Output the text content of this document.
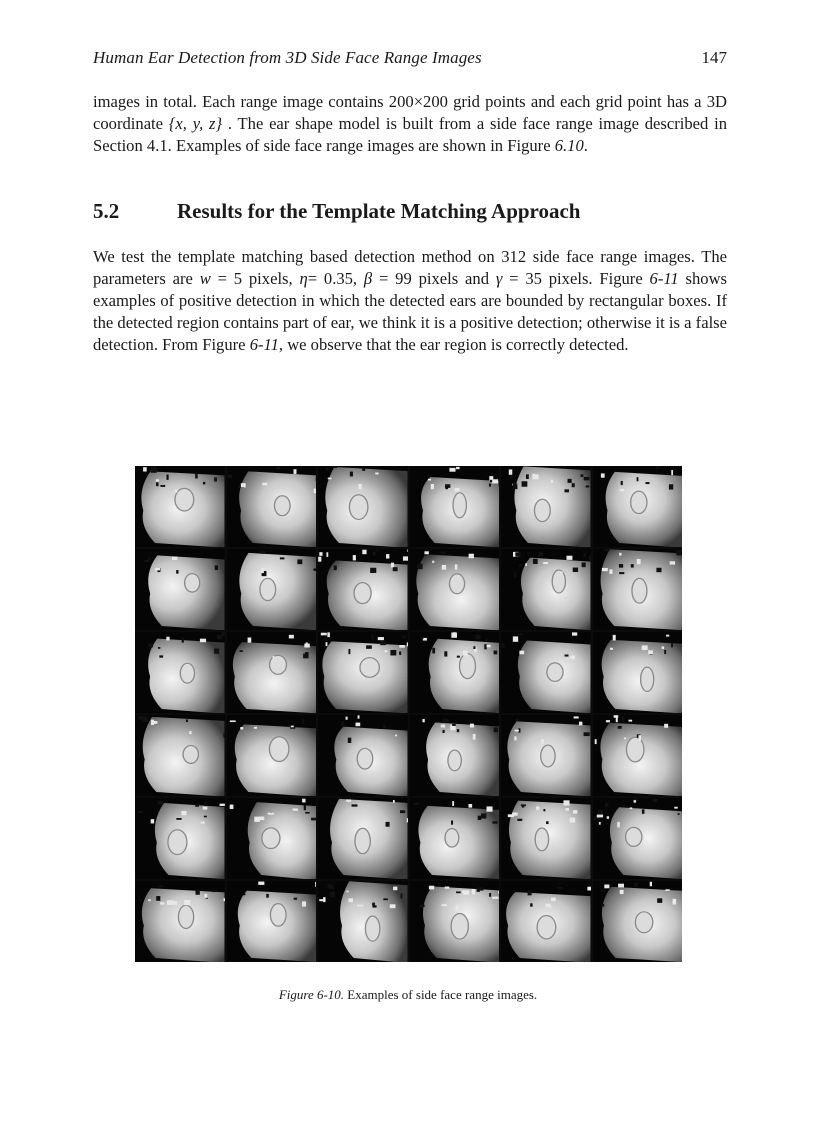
Human Ear Detection from 3D Side Face Range Images	147

images in total. Each range image contains 200×200 grid points and each grid point has a 3D coordinate {x, y, z} . The ear shape model is built from a side face range image described in Section 4.1. Examples of side face range images are shown in Figure 6.10.

5.2	Results for the Template Matching Approach

We test the template matching based detection method on 312 side face range images. The parameters are w = 5 pixels, η= 0.35, β = 99 pixels and γ = 35 pixels. Figure 6-11 shows examples of positive detection in which the detected ears are bounded by rectangular boxes. If the detected region contains part of ear, we think it is a positive detection; otherwise it is a false detection. From Figure 6-11, we observe that the ear region is correctly detected.

Figure 6-10. Examples of side face range images.
